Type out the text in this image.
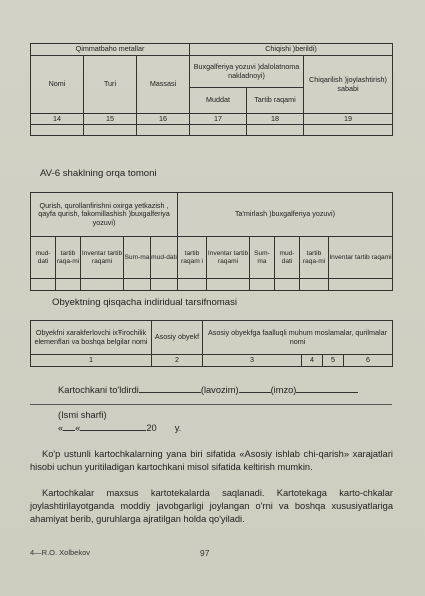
Qimmatbaho metallar			Chiqishi )berildi)		
Nomi	Turi	Massasi	Buxgalferiya yozuvi )dalolatnoma nakladnoyi)		Chiqarilish )joylashtirish) sababi
			Muddat	Tartib raqami	
14	15	16	17	18	19

AV-6 shaklning orqa tomoni
Qurish, qurollanfirishni oxirga yetkazish , qayfa qurish, fakomillashish )buxgalferiya yozuvi)					Ta'mirlash )buxgalferiya yozuvi)					
mud-dati	tartib raqa-mi	Inventar tartib raqami	Sum-ma	mud-dati	tartib raqam i	Inventar tartib raqami	Sum-ma	mud-dati	tartib raqa-mi	Inventar tartib raqami

Obyektning qisqacha indiridual tarsifnomasi
Obyekfni xarakferlovchi ixŦirochilik elemenflari va boshqa belgilar nomi	Asosiy obyekf	Asosiy obyekfga faalluqli muhum moslamalar, qurilmalar nomi			
1	2	3	4	5	6
Kartochkani to'ldirdi	(lavozim)	(imzo)
(Ismi sharfi)
« «	20 y.
Ko'p ustunli kartochkalarning yana biri sifatida «Asosiy ishlab chi-qarish» xarajatlari hisobi uchun yuritiladigan kartochkani misol sifatida keltirish mumkin.
Kartochkalar maxsus kartotekalarda saqlanadi. Kartotekaga karto-chkalar joylashtirilayotganda moddiy javobgarligi joylangan o'rni va boshqa xususiyatlariga ahamiyat berib, guruhlarga ajratilgan holda qo'yiladi.
4—R.O. Xolbekov	97
